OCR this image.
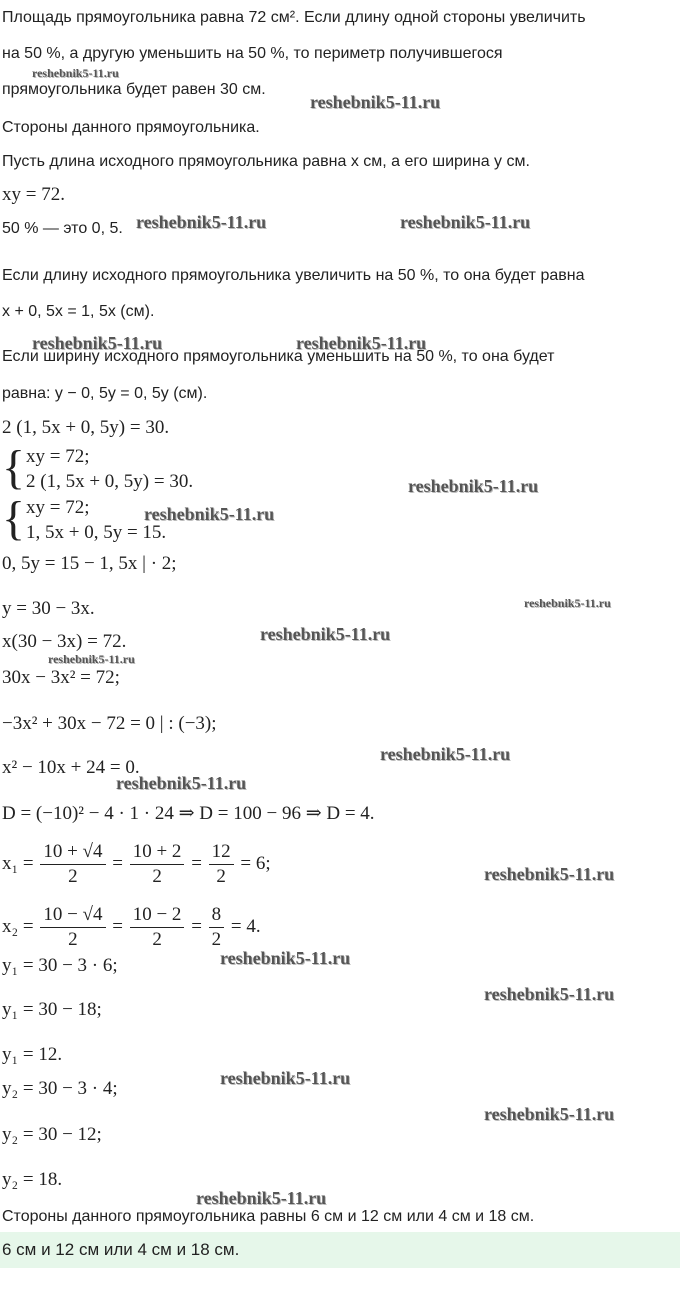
Площадь прямоугольника равна 72 см². Если длину одной стороны увеличить
на 50 %, а другую уменьшить на 50 %, то периметр получившегося
прямоугольника будет равен 30 см.
Стороны данного прямоугольника.
Пусть длина исходного прямоугольника равна x см, а его ширина y см.
xy = 72.
50 % — это 0, 5.
Если длину исходного прямоугольника увеличить на 50 %, то она будет равна
x + 0, 5x = 1, 5x (см).
Если ширину исходного прямоугольника уменьшить на 50 %, то она будет
равна: y − 0, 5y = 0, 5y (см).
2 (1, 5x + 0, 5y) = 30.
{ xy = 72;
2 (1, 5x + 0, 5y) = 30.
{ xy = 72;
1, 5x + 0, 5y = 15.
0, 5y = 15 − 1, 5x | · 2;
y = 30 − 3x.
x(30 − 3x) = 72.
30x − 3x² = 72;
−3x² + 30x − 72 = 0 | : (−3);
x² − 10x + 24 = 0.
D = (−10)² − 4 · 1 · 24 ⇒ D = 100 − 96 ⇒ D = 4.
$x_1 = \frac{10 + √4}{2} = \frac{10 + 2}{2} = \frac{12}{2} = 6$;
$x_2 = \frac{10 - √4}{2} = \frac{10 - 2}{2} = \frac{8}{2} = 4$.
y₁ = 30 − 3 · 6;
y₁ = 30 − 18;
y₁ = 12.
y₂ = 30 − 3 · 4;
y₂ = 30 − 12;
y₂ = 18.
Стороны данного прямоугольника равны 6 см и 12 см или 4 см и 18 см.
6 см и 12 см или 4 см и 18 см.
reshebnik5-11.ru
reshebnik5-11.ru
reshebnik5-11.ru	reshebnik5-11.ru
reshebnik5-11.ru	reshebnik5-11.ru
reshebnik5-11.ru
reshebnik5-11.ru
reshebnik5-11.ru
reshebnik5-11.ru
reshebnik5-11.ru
reshebnik5-11.ru
reshebnik5-11.ru
reshebnik5-11.ru
reshebnik5-11.ru
reshebnik5-11.ru
reshebnik5-11.ru
reshebnik5-11.ru
reshebnik5-11.ru
